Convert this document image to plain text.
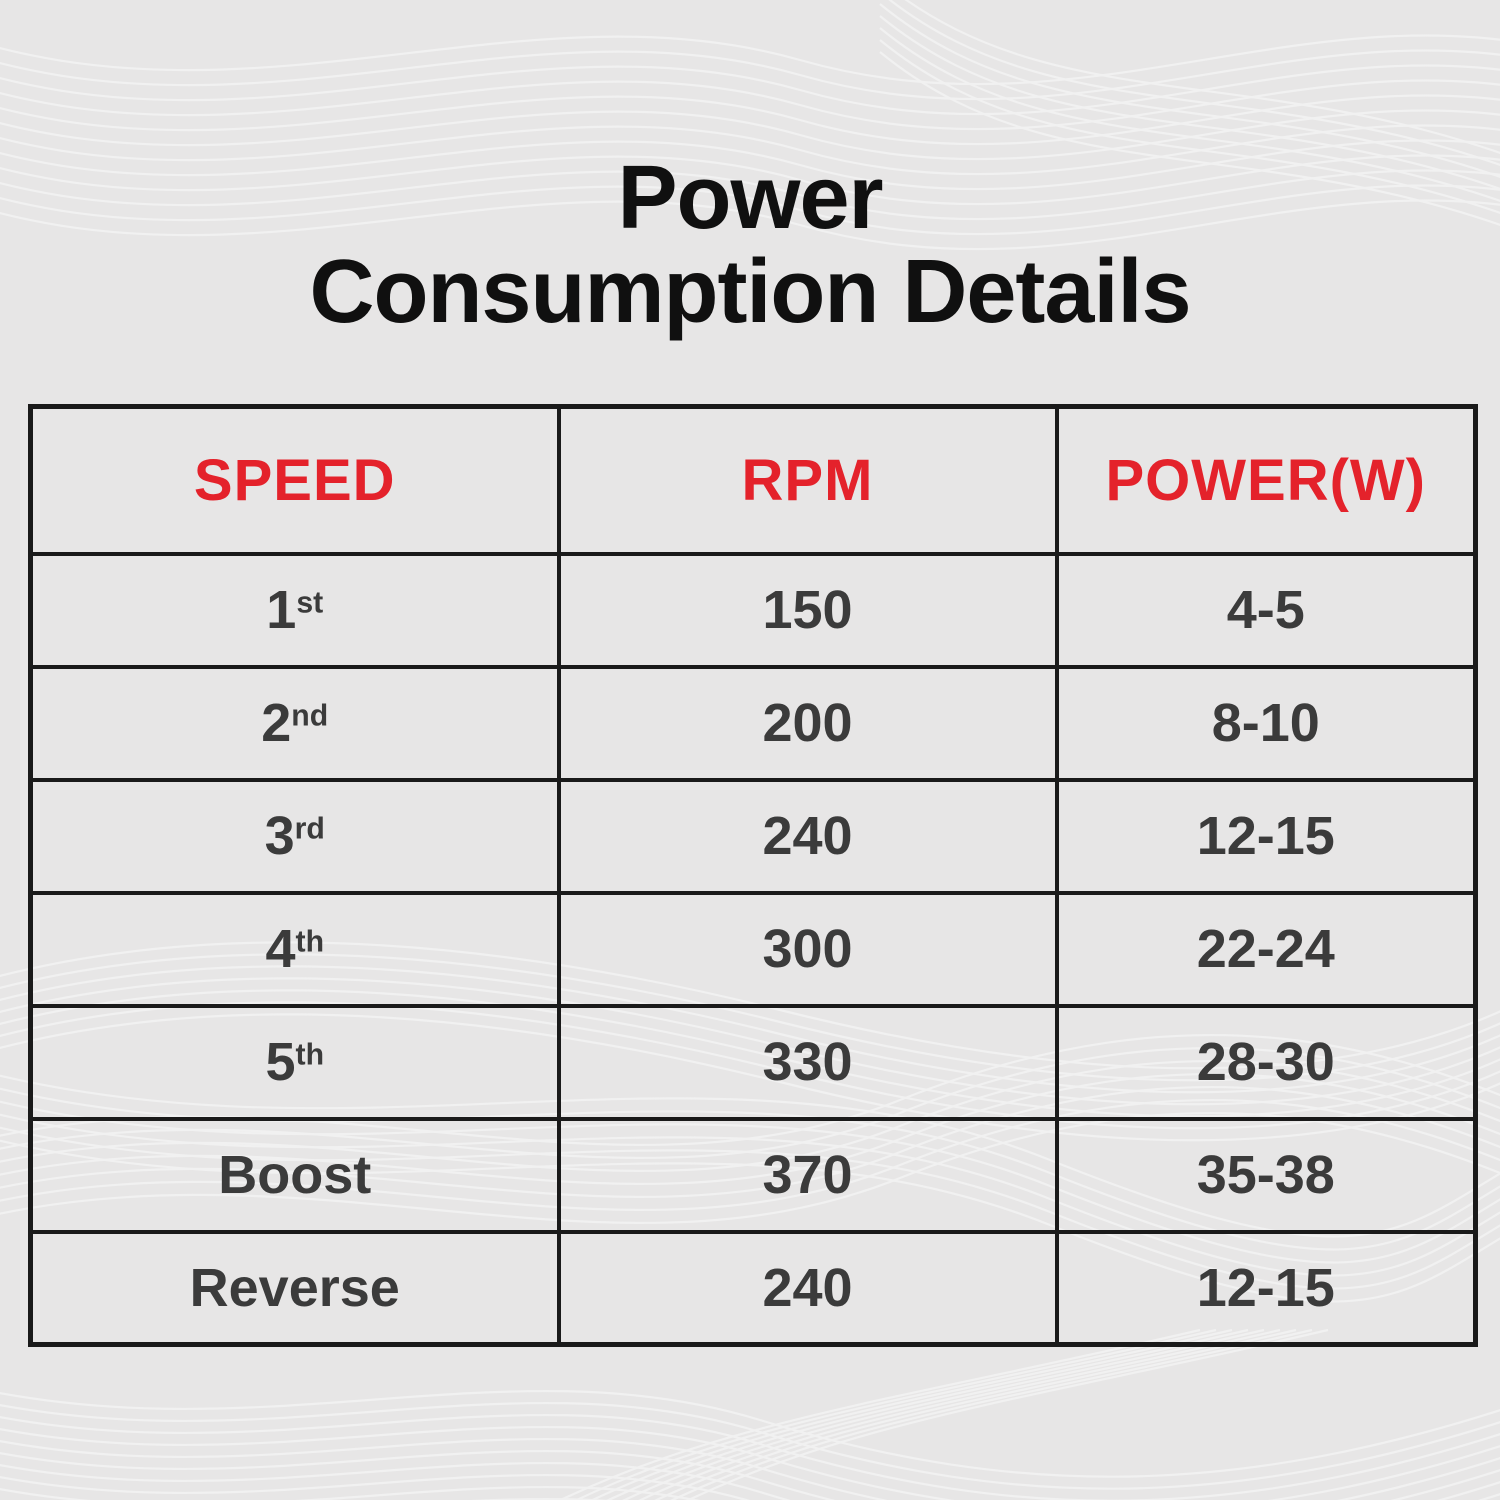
Power
Consumption Details
SPEED	RPM	POWER(W)
1st	150	4-5
2nd	200	8-10
3rd	240	12-15
4th	300	22-24
5th	330	28-30
Boost	370	35-38
Reverse	240	12-15
